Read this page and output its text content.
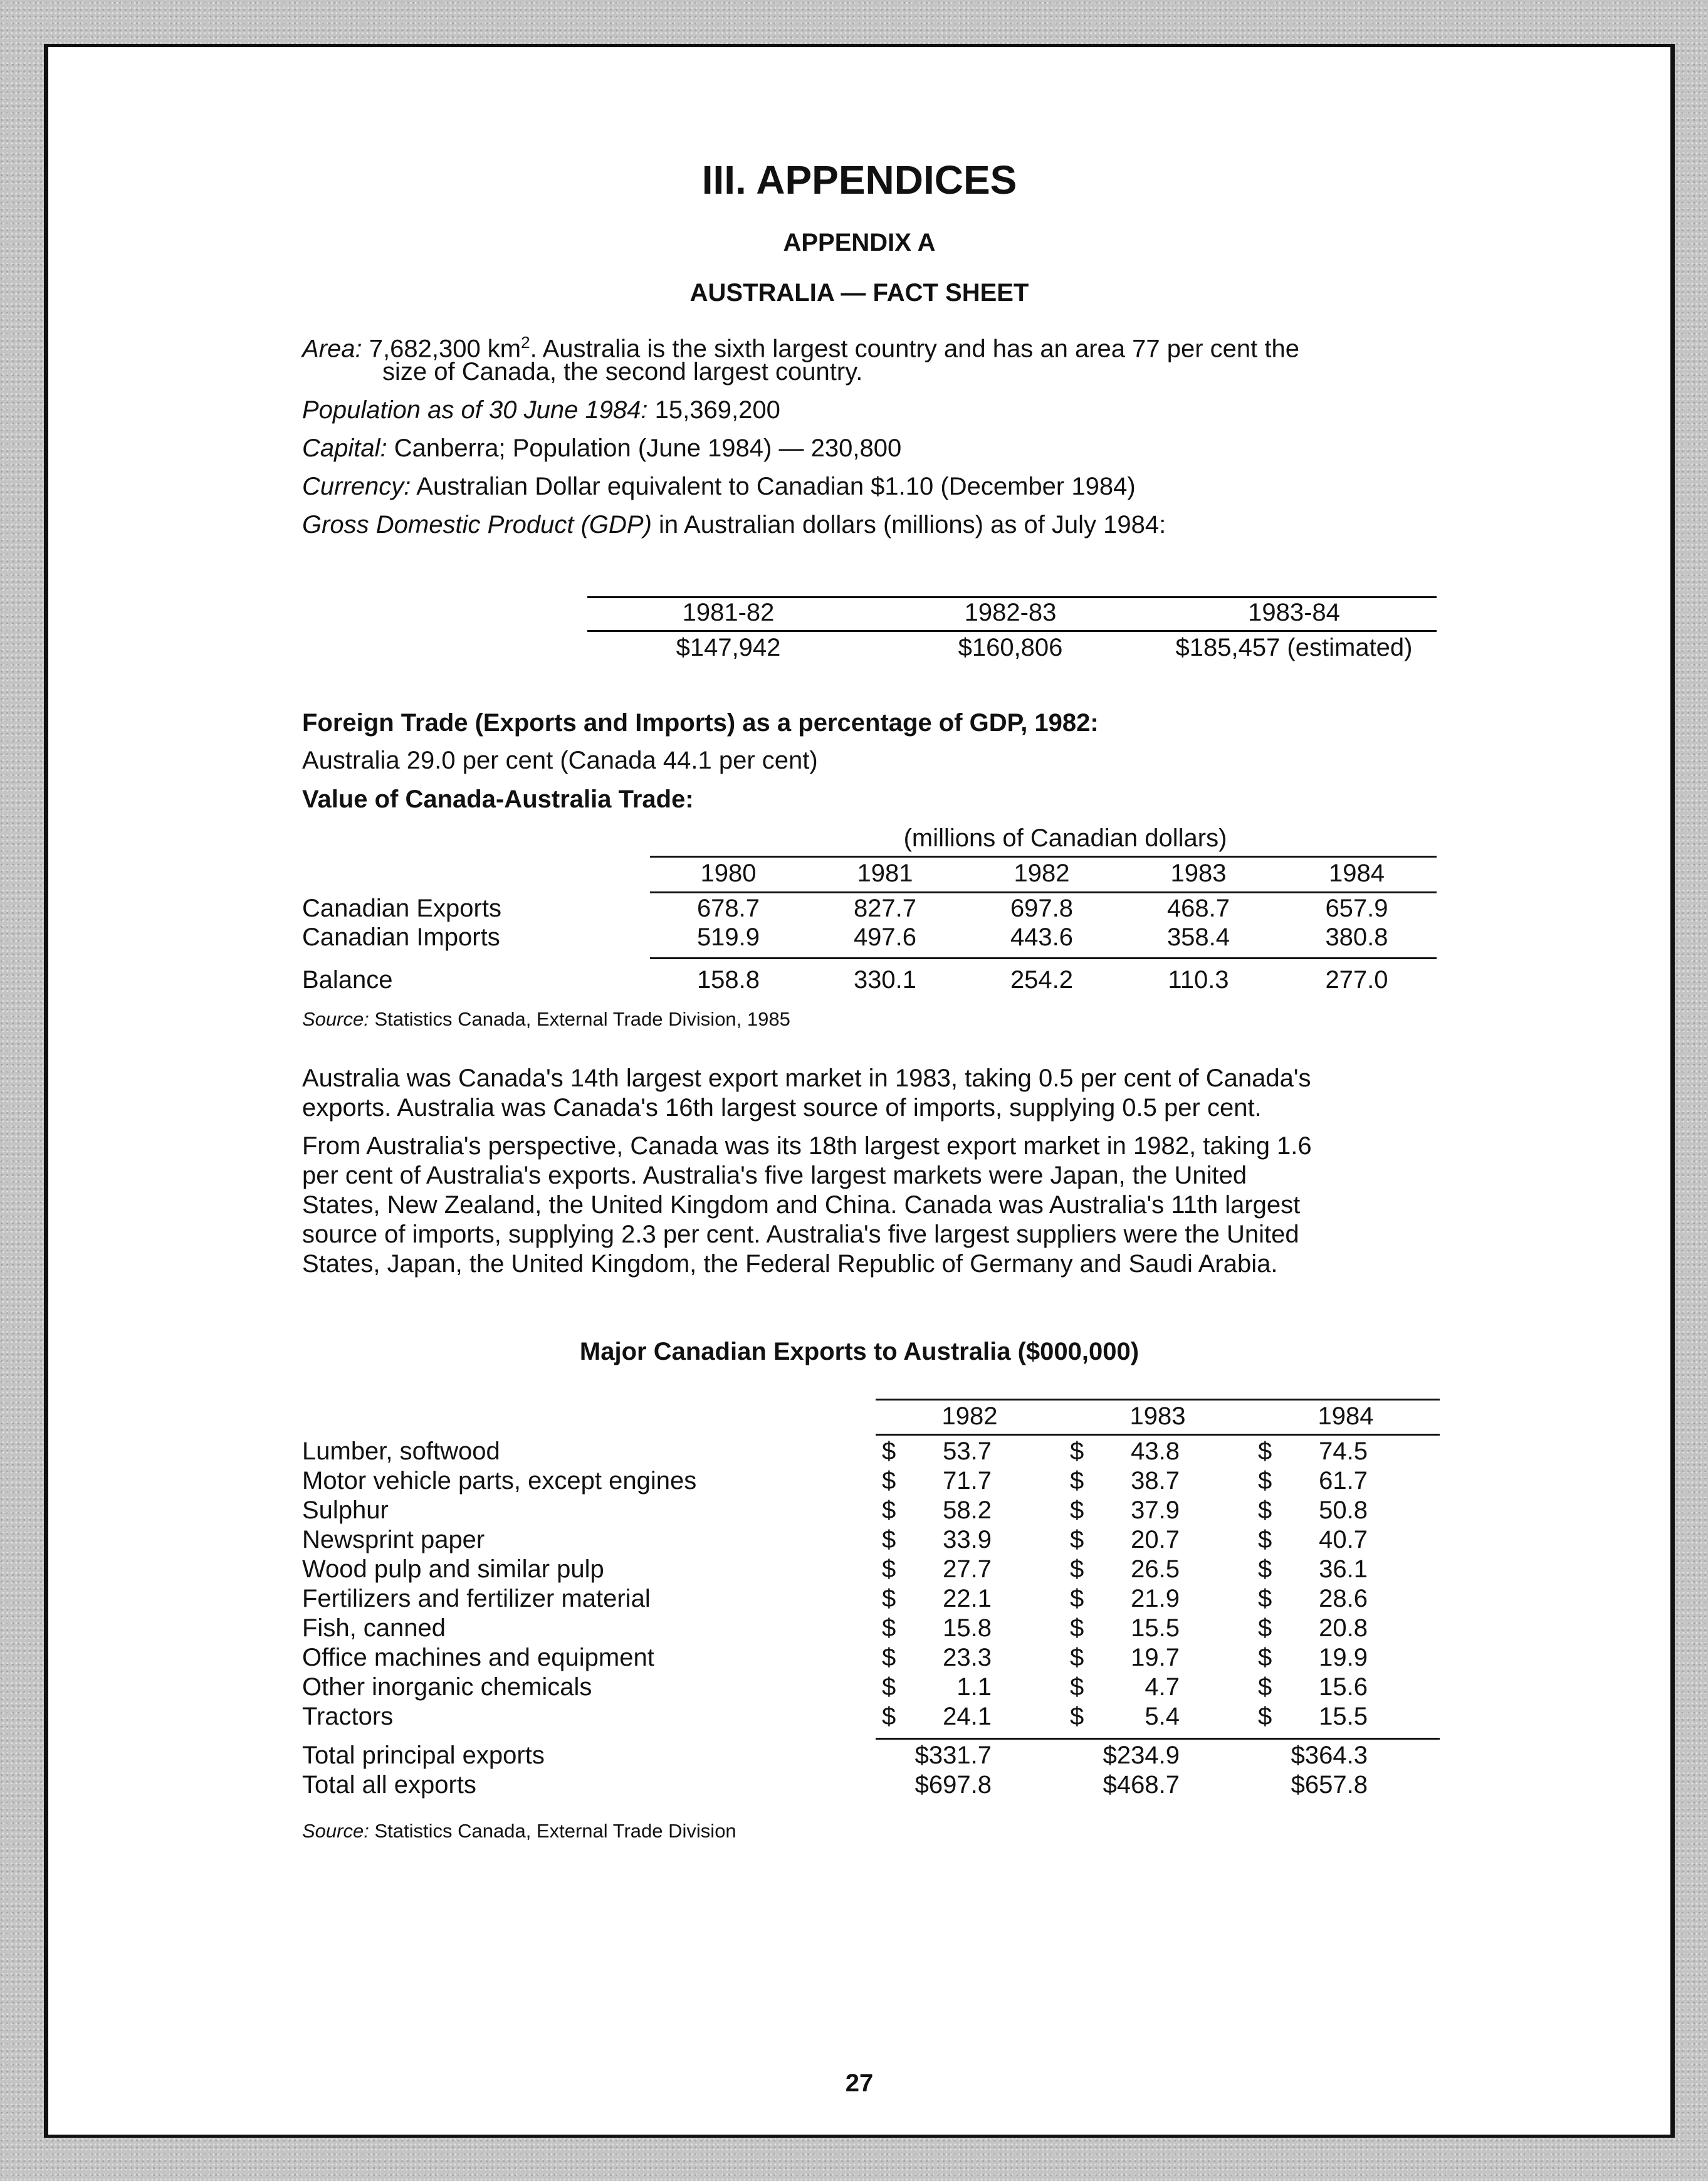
III. APPENDICES
APPENDIX A
AUSTRALIA — FACT SHEET
Area: 7,682,300 $km^2$. Australia is the sixth largest country and has an area 77 per cent the
size of Canada, the second largest country.
Population as of 30 June 1984: 15,369,200
Capital: Canberra; Population (June 1984) — 230,800
Currency: Australian Dollar equivalent to Canadian $1.10 (December 1984)
Gross Domestic Product (GDP) in Australian dollars (millions) as of July 1984:
1981-82	1982-83	1983-84
$147,942	$160,806	$185,457 (estimated)
Foreign Trade (Exports and Imports) as a percentage of GDP, 1982:
Australia 29.0 per cent (Canada 44.1 per cent)
Value of Canada-Australia Trade:
(millions of Canadian dollars)
1980	1981	1982	1983	1984
Canadian Exports	678.7	827.7	697.8	468.7	657.9
Canadian Imports	519.9	497.6	443.6	358.4	380.8
Balance	158.8	330.1	254.2	110.3	277.0
Source: Statistics Canada, External Trade Division, 1985
Australia was Canada's 14th largest export market in 1983, taking 0.5 per cent of Canada's
exports. Australia was Canada's 16th largest source of imports, supplying 0.5 per cent.
From Australia's perspective, Canada was its 18th largest export market in 1982, taking 1.6
per cent of Australia's exports. Australia's five largest markets were Japan, the United
States, New Zealand, the United Kingdom and China. Canada was Australia's 11th largest
source of imports, supplying 2.3 per cent. Australia's five largest suppliers were the United
States, Japan, the United Kingdom, the Federal Republic of Germany and Saudi Arabia.
Major Canadian Exports to Australia ($000,000)
1982	1983	1984
Lumber, softwood	$	53.7	$	43.8	$	74.5
Motor vehicle parts, except engines	$	71.7	$	38.7	$	61.7
Sulphur	$	58.2	$	37.9	$	50.8
Newsprint paper	$	33.9	$	20.7	$	40.7
Wood pulp and similar pulp	$	27.7	$	26.5	$	36.1
Fertilizers and fertilizer material	$	22.1	$	21.9	$	28.6
Fish, canned	$	15.8	$	15.5	$	20.8
Office machines and equipment	$	23.3	$	19.7	$	19.9
Other inorganic chemicals	$	1.1	$	4.7	$	15.6
Tractors	$	24.1	$	5.4	$	15.5
Total principal exports	$331.7	$234.9	$364.3
Total all exports	$697.8	$468.7	$657.8
Source: Statistics Canada, External Trade Division
27
